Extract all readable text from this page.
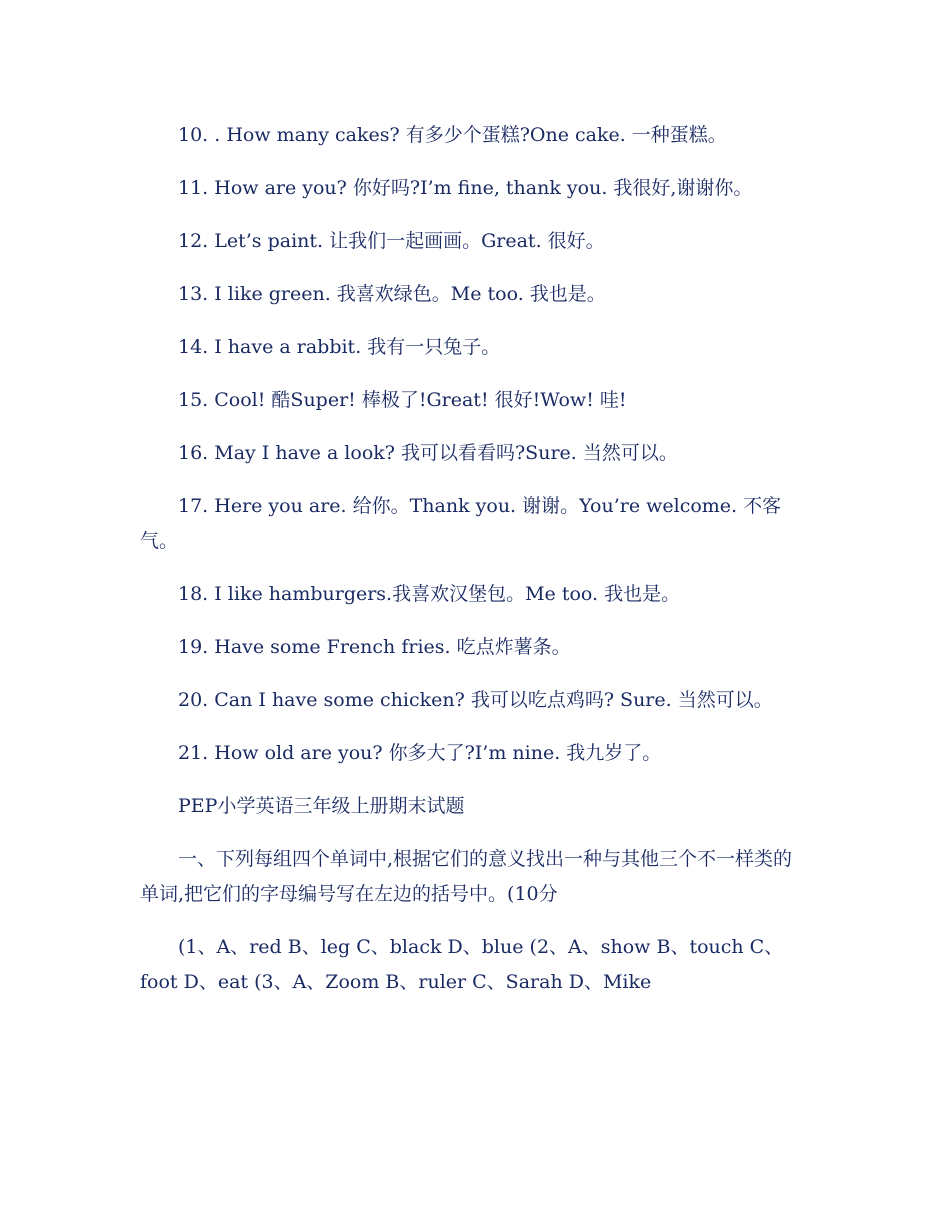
10. . How many cakes? 有多少个蛋糕?One cake. 一种蛋糕。

11. How are you? 你好吗?I’m fine, thank you. 我很好,谢谢你。

12. Let’s paint. 让我们一起画画。Great. 很好。

13. I like green. 我喜欢绿色。Me too. 我也是。

14. I have a rabbit. 我有一只兔子。

15. Cool! 酷Super! 棒极了!Great! 很好!Wow! 哇!

16. May I have a look? 我可以看看吗?Sure. 当然可以。

17. Here you are. 给你。Thank you. 谢谢。You’re welcome. 不客气。

18. I like hamburgers.我喜欢汉堡包。Me too. 我也是。

19. Have some French fries. 吃点炸薯条。

20. Can I have some chicken? 我可以吃点鸡吗? Sure. 当然可以。

21. How old are you? 你多大了?I’m nine. 我九岁了。

PEP小学英语三年级上册期末试题

一、下列每组四个单词中,根据它们的意义找出一种与其他三个不一样类的单词,把它们的字母编号写在左边的括号中。(10分

(1、A、red B、leg C、black D、blue (2、A、show B、touch C、foot D、eat (3、A、Zoom B、ruler C、Sarah D、Mike
